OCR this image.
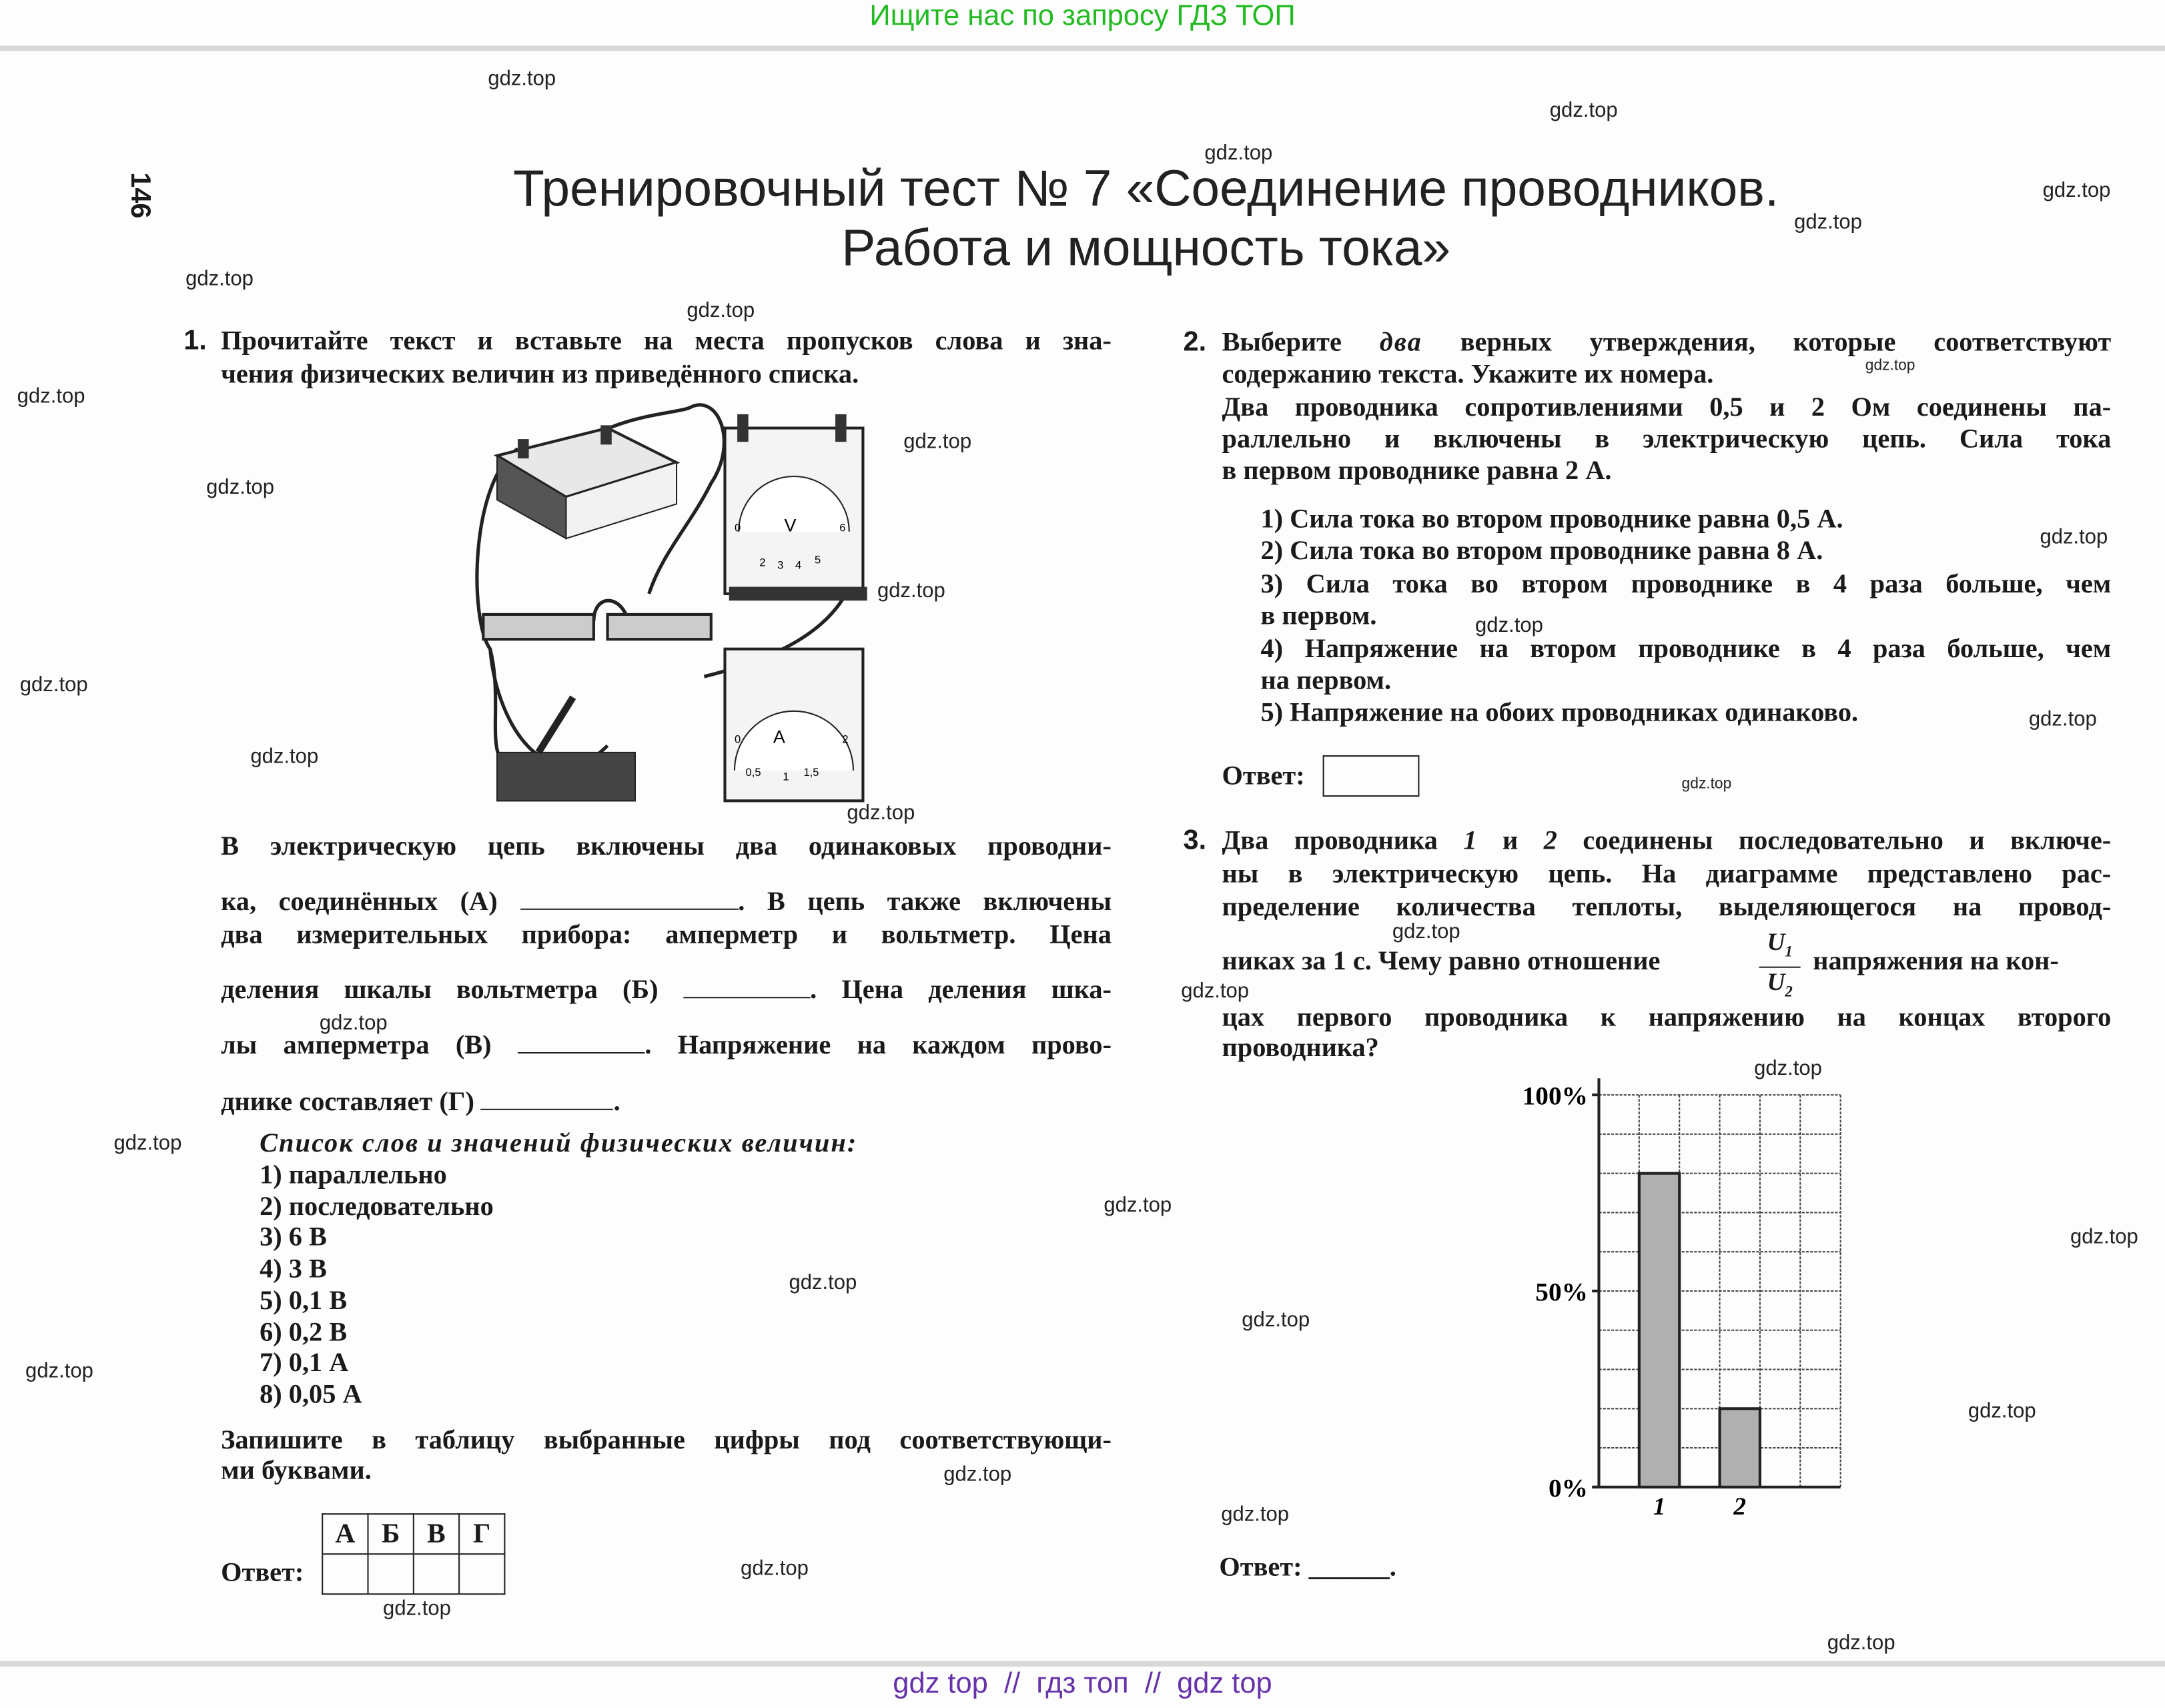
Ищите нас по запросу ГДЗ ТОП
gdz top  //  гдз топ  //  gdz top
146	Тренировочный тест № 7 «Соединение проводников.
Работа и мощность тока»
1. Прочитайте текст и вставьте на места пропусков слова и зна-
чения физических величин из приведённого списка.
V
0
2 3 4 5
6
A
0
0,5	1	1,5
2
В электрическую цепь включены два одинаковых проводни-
ка, соединённых (А)	. В цепь также включены
два измерительных прибора: амперметр и вольтметр. Цена
деления шкалы вольтметра (Б)	. Цена деления шка-
лы амперметра (В)	. Напряжение на каждом прово-
днике составляет (Г)	.
Список слов и значений физических величин:
1) параллельно
2) последовательно
3) 6 В
4) 3 В
5) 0,1 В
6) 0,2 В
7) 0,1 А
8) 0,05 А
Запишите в таблицу выбранные цифры под соответствующи-
ми буквами.
А	Б	В	Г

Ответ:
2. Выберите два верных утверждения, которые соответствуют
содержанию текста. Укажите их номера.
Два проводника сопротивлениями 0,5 и 2 Ом соединены па-
раллельно и включены в электрическую цепь. Сила тока
в первом проводнике равна 2 А.
1) Сила тока во втором проводнике равна 0,5 А.
2) Сила тока во втором проводнике равна 8 А.
3) Сила тока во втором проводнике в 4 раза больше, чем
в первом.
4) Напряжение на втором проводнике в 4 раза больше, чем
на первом.
5) Напряжение на обоих проводниках одинаково.
Ответ:
3. Два проводника 1 и 2 соединены последовательно и включе-
ны в электрическую цепь. На диаграмме представлено рас-
пределение количества теплоты, выделяющегося на провод-
никах за 1 с. Чему равно отношение
$U_1$
$U_2$
напряжения на кон-
цах первого проводника к напряжению на концах второго
проводника?
0%
50%
100%
1	2
Ответ: ______.
gdz.top
gdz.top
gdz.top
gdz.top
gdz.top
gdz.top
gdz.top
gdz.top
gdz.top
gdz.top
gdz.top
gdz.top
gdz.top
gdz.top
gdz.top
gdz.top
gdz.top
gdz.top
gdz.top
gdz.top
gdz.top
gdz.top
gdz.top
gdz.top
gdz.top
gdz.top
gdz.top
gdz.top
gdz.top
gdz.top
gdz.top
gdz.top
gdz.top
gdz.top
gdz.top
